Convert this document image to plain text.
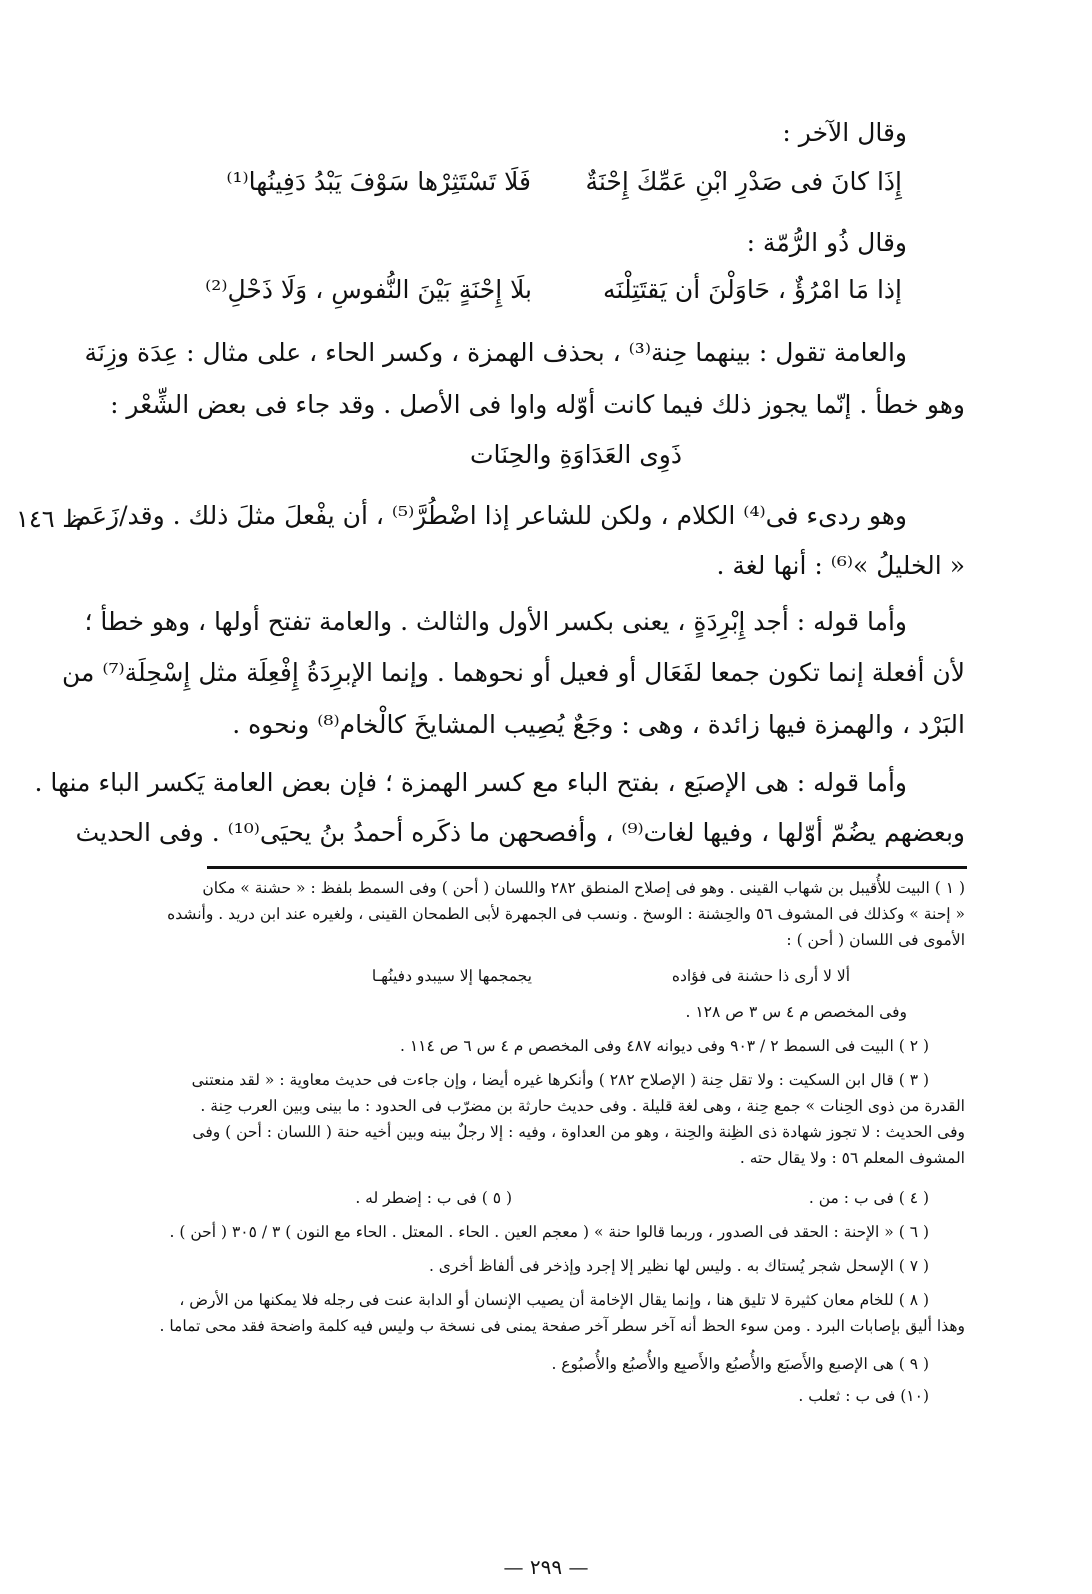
وقال الآخر :
إِذَا كانَ فى صَدْرِ ابْنِ عَمِّكَ إِحْنَةٌ
فَلَا تَسْتَثِرْها سَوْفَ يَبْدُ دَفِينُها⁽¹⁾
وقال ذُو الرُّمّة :
إذا مَا امْرُؤٌ ، حَاوَلْنَ أن يَقتَتِلْنَه
بلَا إِحْنَةٍ بَيْنَ النُّفوسِ ، وَلَا ذَحْلِ⁽²⁾
والعامة تقول : بينهما حِنة⁽³⁾ ، بحذف الهمزة ، وكسر الحاء ، على مثال : عِدَة وزِنَة
وهو خطأ . إنّما يجوز ذلك فيما كانت أوّله واوا فى الأصل . وقد جاء فى بعض الشِّعْر :
ذَوِى العَدَاوَةِ والحِنَات
وهو ردىء فى⁽⁴⁾ الكلام ، ولكن للشاعر إذا اضْطُرَّ⁽⁵⁾ ، أن يفْعلَ مثلَ ذلك . وقد/زَعَم
« الخليلُ »⁽⁶⁾ : أنها لغة .
وأما قوله : أجد إِبْرِدَةٍ ، يعنى بكسر الأول والثالث . والعامة تفتح أولها ، وهو خطأ ؛
لأن أفعلة إنما تكون جمعا لفَعَال أو فعيل أو نحوهما . وإنما الإبرِدَةُ إِفْعِلَة مثل إِسْحِلَة⁽⁷⁾ من
البَرْد ، والهمزة فيها زائدة ، وهى : وجَعٌ يُصِيب المشايخَ كالْخام⁽⁸⁾ ونحوه .
وأما قوله : هى الإصبَع ، بفتح الباء مع كسر الهمزة ؛ فإن بعض العامة يَكسر الباء منها .
وبعضهم يضُمّ أوّلها ، وفيها لغات⁽⁹⁾ ، وأفصحهن ما ذكَره أحمدُ بنُ يحيَى⁽¹⁰⁾ . وفى الحديث
ظ ١٤٦
( ١ ) البيت للأُقيبل بن شهاب القينى . وهو فى إصلاح المنطق ٢٨٢ واللسان ( أحن ) وفى السمط بلفظ : « حشنة » مكان
« إحنة » وكذلك فى المشوف ٥٦ والحِشنة : الوسخ . ونسب فى الجمهرة لأبى الطمحان القينى ، ولغيره عند ابن دريد . وأنشده
الأموى فى اللسان ( أحن ) :
ألا لا أرى ذا حشنة فى فؤاده
يجمجمها إلا سيبدو دفينُهـا
وفى المخصص م ٤ س ٣ ص ١٢٨ .
( ٢ ) البيت فى السمط ٢ / ٩٠٣ وفى ديوانه ٤٨٧ وفى المخصص م ٤ س ٦ ص ١١٤ .
( ٣ ) قال ابن السكيت : ولا تقل حِنة ( الإصلاح ٢٨٢ ) وأنكرها غيره أيضا ، وإن جاءت فى حديث معاوية : « لقد منعتنى
القدرة من ذوى الحِنات » جمع حِنة ، وهى لغة قليلة . وفى حديث حارثة بن مضرّب فى الحدود : ما بينى وبين العرب حِنة .
وفى الحديث : لا تجوز شهادة ذى الظِنة والحِنة ، وهو من العداوة ، وفيه : إلا رجلٌ بينه وبين أخيه حنة ( اللسان : أحن ) وفى
المشوف المعلم ٥٦ : ولا يقال حته .
( ٤ ) فى ب : من .
( ٥ ) فى ب : إضطر له .
( ٦ ) « الإحنة : الحقد فى الصدور ، وربما قالوا حنة » ( معجم العين . الحاء . المعتل . الحاء مع النون ) ٣ / ٣٠٥ ( أحن ) .
( ٧ ) الإسحل شجر يُستاك به . وليس لها نظير إلا إجرد وإذخر فى ألفاظ أخرى .
( ٨ ) للخام معان كثيرة لا تليق هنا ، وإنما يقال الإخامة أن يصيب الإنسان أو الدابة عنت فى رجله فلا يمكنها من الأرض ،
وهذا أليق بإصابات البرد . ومن سوء الحظ أنه آخر سطر آخر صفحة يمنى فى نسخة ب وليس فيه كلمة واضحة فقد محى تماما .
( ٩ ) هى الإصبع والأَصبَع والأُصبُع والأَصبِع والأُصبُع والأُصبُوع .
(١٠) فى ب : ثعلب .
— ٢٩٩ —
